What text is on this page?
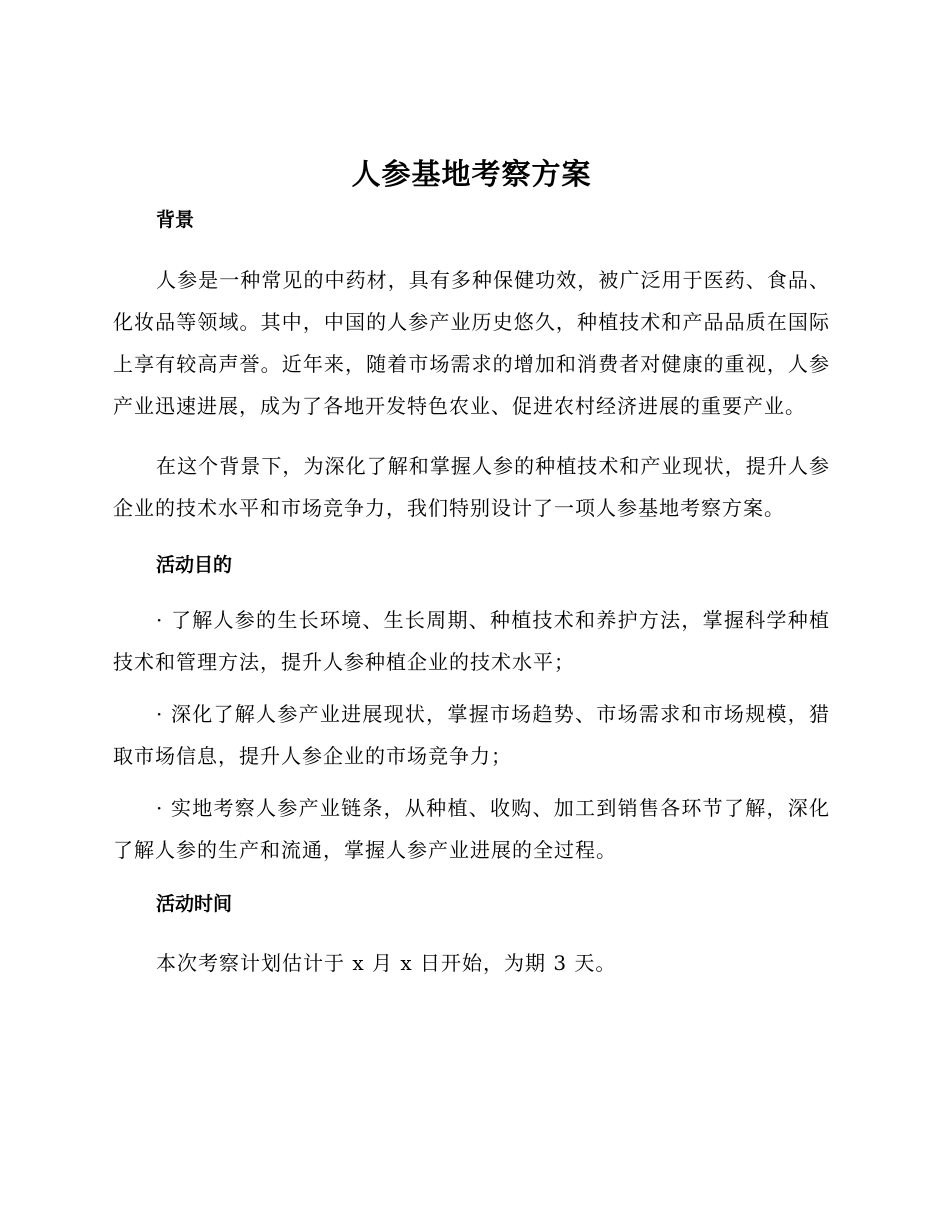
人参基地考察方案
背景

人参是一种常见的中药材，具有多种保健功效，被广泛用于医药、食品、化妆品等领域。其中，中国的人参产业历史悠久，种植技术和产品品质在国际上享有较高声誉。近年来，随着市场需求的增加和消费者对健康的重视，人参产业迅速进展，成为了各地开发特色农业、促进农村经济进展的重要产业。

在这个背景下，为深化了解和掌握人参的种植技术和产业现状，提升人参企业的技术水平和市场竞争力，我们特别设计了一项人参基地考察方案。

活动目的

· 了解人参的生长环境、生长周期、种植技术和养护方法，掌握科学种植技术和管理方法，提升人参种植企业的技术水平；

· 深化了解人参产业进展现状，掌握市场趋势、市场需求和市场规模，猎取市场信息，提升人参企业的市场竞争力；

· 实地考察人参产业链条，从种植、收购、加工到销售各环节了解，深化了解人参的生产和流通，掌握人参产业进展的全过程。

活动时间

本次考察计划估计于 x 月 x 日开始，为期 3 天。
